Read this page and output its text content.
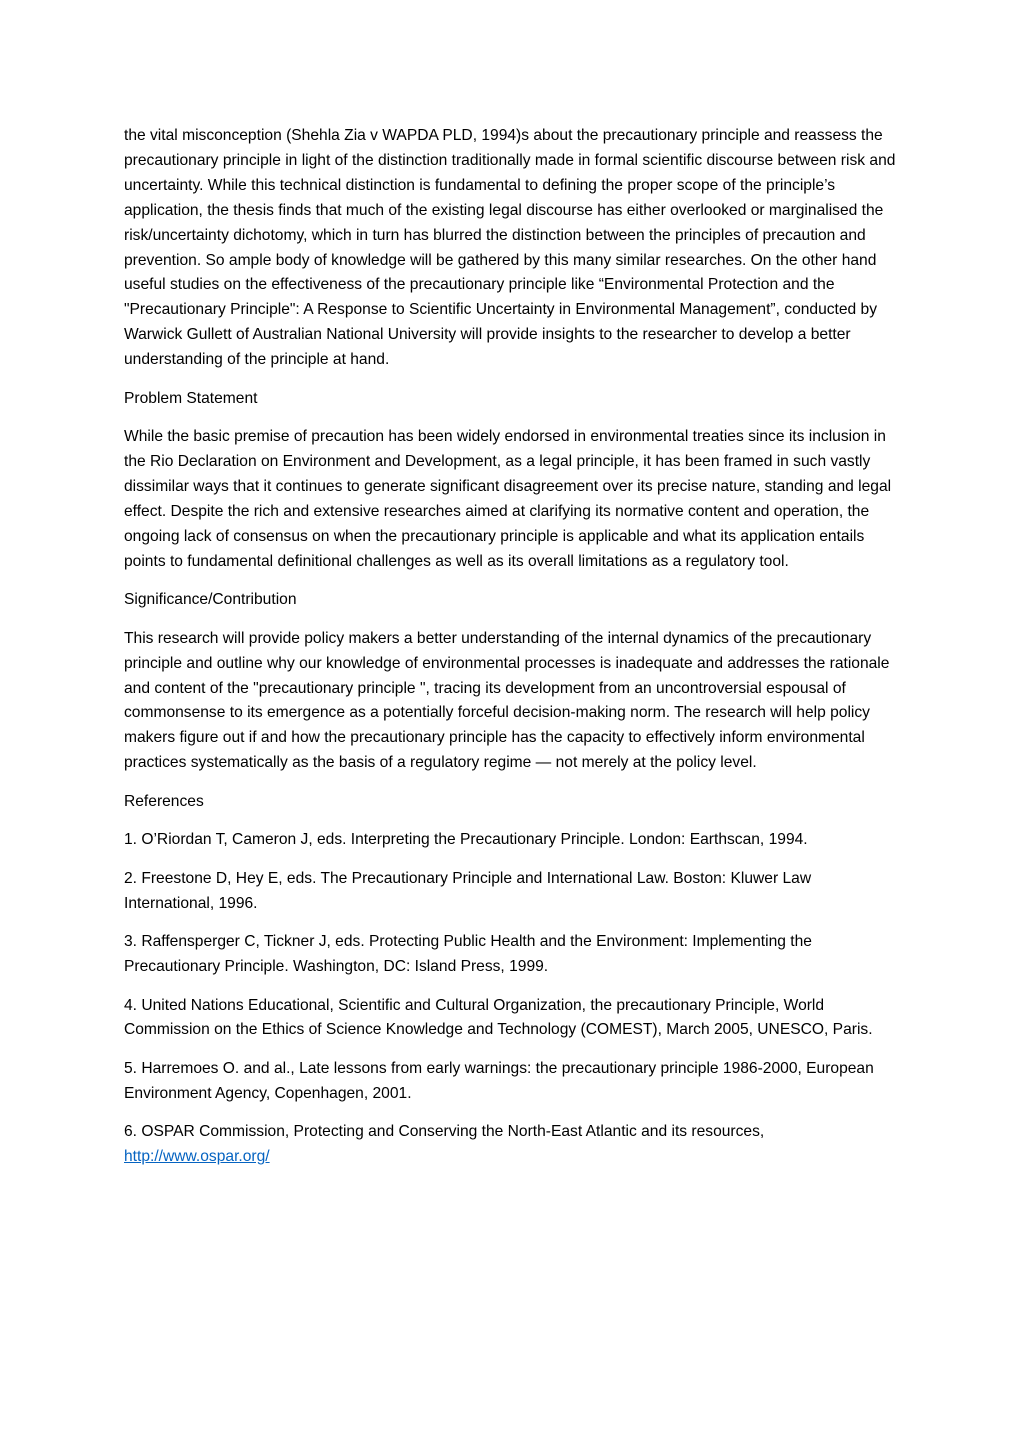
the vital misconception (Shehla Zia v WAPDA PLD, 1994)s about the precautionary principle and reassess the precautionary principle in light of the distinction traditionally made in formal scientific discourse between risk and uncertainty. While this technical distinction is fundamental to defining the proper scope of the principle’s application, the thesis finds that much of the existing legal discourse has either overlooked or marginalised the risk/uncertainty dichotomy, which in turn has blurred the distinction between the principles of precaution and prevention. So ample body of knowledge will be gathered by this many similar researches. On the other hand useful studies on the effectiveness of the precautionary principle like “Environmental Protection and the "Precautionary Principle": A Response to Scientific Uncertainty in Environmental Management”, conducted by Warwick Gullett of Australian National University will provide insights to the researcher to develop a better understanding of the principle at hand.

Problem Statement

While the basic premise of precaution has been widely endorsed in environmental treaties since its inclusion in the Rio Declaration on Environment and Development, as a legal principle, it has been framed in such vastly dissimilar ways that it continues to generate significant disagreement over its precise nature, standing and legal effect. Despite the rich and extensive researches aimed at clarifying its normative content and operation, the ongoing lack of consensus on when the precautionary principle is applicable and what its application entails points to fundamental definitional challenges as well as its overall limitations as a regulatory tool.

Significance/Contribution

This research will provide policy makers a better understanding of the internal dynamics of the precautionary principle and outline why our knowledge of environmental processes is inadequate and addresses the rationale and content of the "precautionary principle ", tracing its development from an uncontroversial espousal of commonsense to its emergence as a potentially forceful decision-making norm. The research will help policy makers figure out if and how the precautionary principle has the capacity to effectively inform environmental practices systematically as the basis of a regulatory regime — not merely at the policy level.

References

1. O’Riordan T, Cameron J, eds. Interpreting the Precautionary Principle. London: Earthscan, 1994.

2. Freestone D, Hey E, eds. The Precautionary Principle and International Law. Boston: Kluwer Law International, 1996.

3. Raffensperger C, Tickner J, eds. Protecting Public Health and the Environment: Implementing the Precautionary Principle. Washington, DC: Island Press, 1999.

4. United Nations Educational, Scientific and Cultural Organization, the precautionary Principle, World Commission on the Ethics of Science Knowledge and Technology (COMEST), March 2005, UNESCO, Paris.

5. Harremoes O. and al., Late lessons from early warnings: the precautionary principle 1986-2000, European Environment Agency, Copenhagen, 2001.

6. OSPAR Commission, Protecting and Conserving the North-East Atlantic and its resources,
http://www.ospar.org/
